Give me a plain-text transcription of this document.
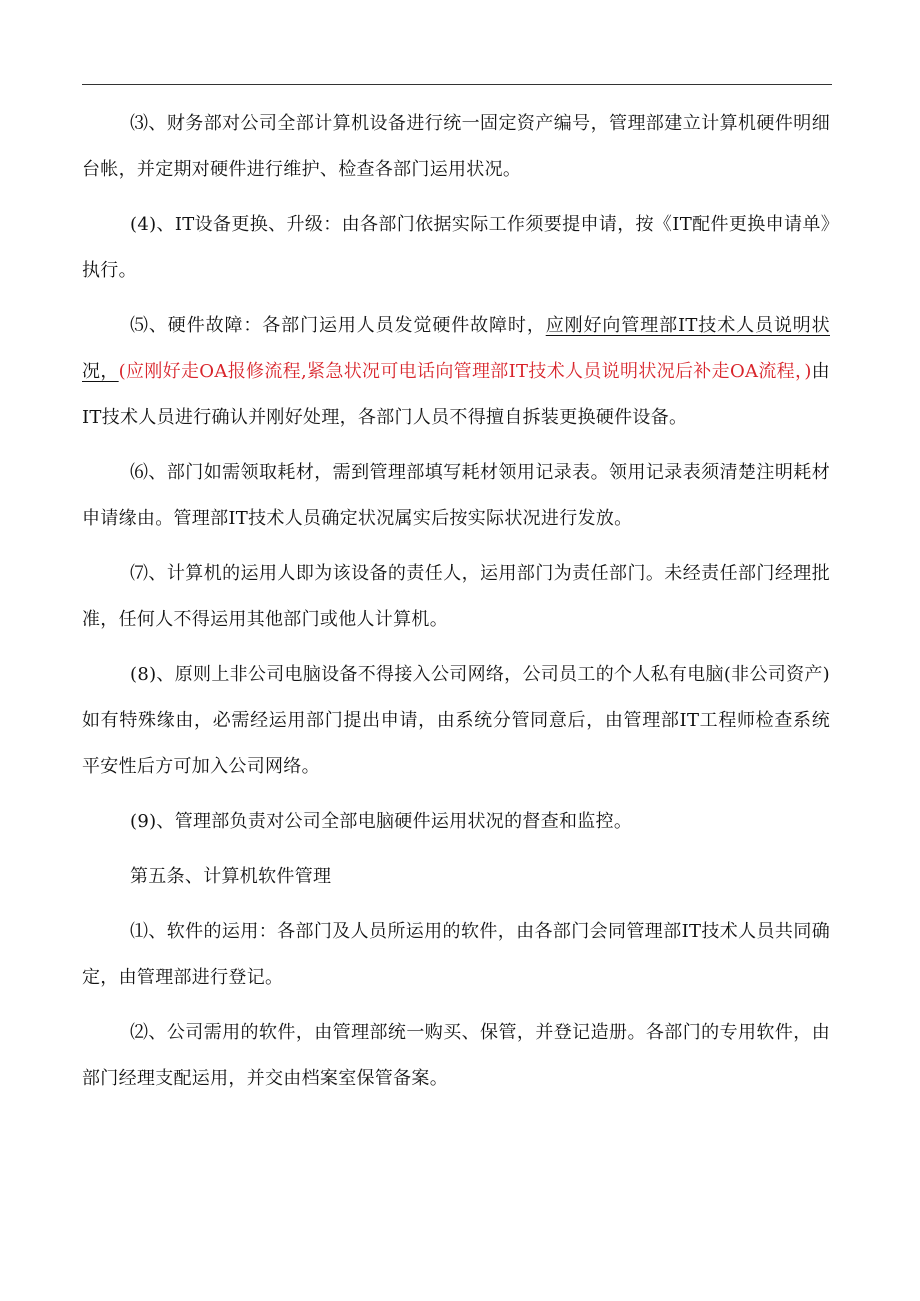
⑶、财务部对公司全部计算机设备进行统一固定资产编号，管理部建立计算机硬件明细台帐，并定期对硬件进行维护、检查各部门运用状况。

(4)、IT设备更换、升级：由各部门依据实际工作须要提申请，按《IT配件更换申请单》执行。

⑸、硬件故障：各部门运用人员发觉硬件故障时，应刚好向管理部IT技术人员说明状况，(应刚好走OA报修流程,紧急状况可电话向管理部IT技术人员说明状况后补走OA流程，)由IT技术人员进行确认并刚好处理，各部门人员不得擅自拆装更换硬件设备。

⑹、部门如需领取耗材，需到管理部填写耗材领用记录表。领用记录表须清楚注明耗材申请缘由。管理部IT技术人员确定状况属实后按实际状况进行发放。

⑺、计算机的运用人即为该设备的责任人，运用部门为责任部门。未经责任部门经理批准，任何人不得运用其他部门或他人计算机。

(8)、原则上非公司电脑设备不得接入公司网络，公司员工的个人私有电脑(非公司资产)如有特殊缘由，必需经运用部门提出申请，由系统分管同意后，由管理部IT工程师检查系统平安性后方可加入公司网络。

(9)、管理部负责对公司全部电脑硬件运用状况的督查和监控。

第五条、计算机软件管理

⑴、软件的运用：各部门及人员所运用的软件，由各部门会同管理部IT技术人员共同确定，由管理部进行登记。

⑵、公司需用的软件，由管理部统一购买、保管，并登记造册。各部门的专用软件，由部门经理支配运用，并交由档案室保管备案。
